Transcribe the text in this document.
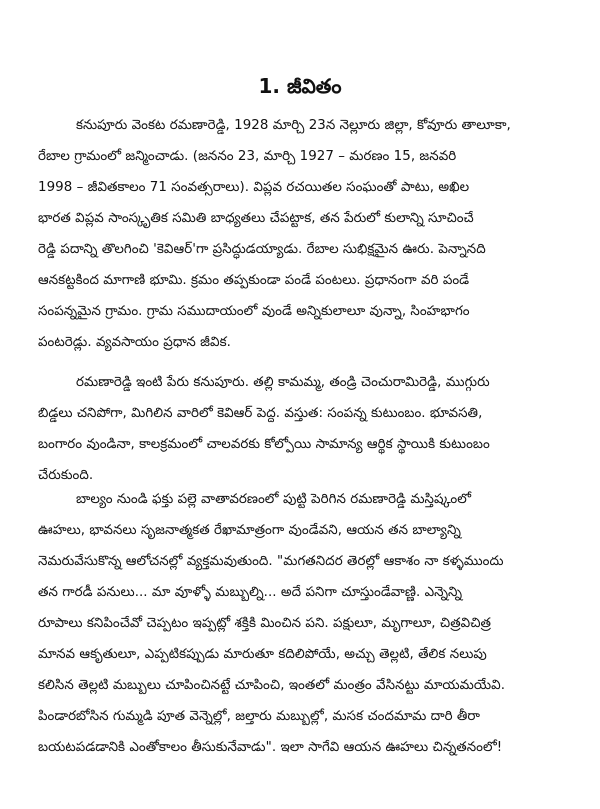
1. జీవితం
కనుపూరు వెంకట రమణారెడ్డి, 1928 మార్చి 23న నెల్లూరు జిల్లా, కోవూరు తాలూకా,
రేబాల గ్రామంలో జన్మించాడు. (జననం 23, మార్చి 1927 – మరణం 15, జనవరి
1998 – జీవితకాలం 71 సంవత్సరాలు). విప్లవ రచయితల సంఘంతో పాటు, అఖిల
భారత విప్లవ సాంస్కృతిక సమితి బాధ్యతలు చేపట్టాక, తన పేరులో కులాన్ని సూచించే
రెడ్డి పదాన్ని తొలగించి 'కెవిఆర్'గా ప్రసిద్ధుడయ్యాడు. రేబాల సుభిక్షమైన ఊరు. పెన్నానది
ఆనకట్టకింద మాగాణి భూమి. క్రమం తప్పకుండా పండే పంటలు. ప్రధానంగా వరి పండే
సంపన్నమైన గ్రామం. గ్రామ సముదాయంలో వుండే అన్నికులాలూ వున్నా, సింహభాగం
పంటరెడ్లు. వ్యవసాయం ప్రధాన జీవిక.
రమణారెడ్డి ఇంటి పేరు కనుపూరు. తల్లి కామమ్మ, తండ్రి చెంచురామిరెడ్డి, ముగ్గురు
బిడ్డలు చనిపోగా, మిగిలిన వారిలో కెవిఆర్ పెద్ద. వస్తుత: సంపన్న కుటుంబం. భూవసతి,
బంగారం వుండినా, కాలక్రమంలో చాలవరకు కోల్పోయి సామాన్య ఆర్థిక స్థాయికి కుటుంబం
చేరుకుంది.
బాల్యం నుండి ఫక్తు పల్లె వాతావరణంలో పుట్టి పెరిగిన రమణారెడ్డి మస్తిష్కంలో
ఊహలు, భావనలు సృజనాత్మకత రేఖామాత్రంగా వుండేవని, ఆయన తన బాల్యాన్ని
నెమరువేసుకొన్న ఆలోచనల్లో వ్యక్తమవుతుంది. "మగతనిదర తెరల్లో ఆకాశం నా కళ్ళముందు
తన గారడీ పనులు... మా వూళ్ళో మబ్బుల్ని... అదే పనిగా చూస్తుండేవాణ్ణి. ఎన్నెన్ని
రూపాలు కనిపించేవో చెప్పటం ఇప్పట్లో శక్తికి మించిన పని. పక్షులూ, మృగాలూ, చిత్రవిచిత్ర
మానవ ఆకృతులూ, ఎప్పటికప్పుడు మారుతూ కదిలిపోయే, అచ్చు తెల్లటి, తేలిక నలుపు
కలిసిన తెల్లటి మబ్బులు చూపించినట్టే చూపించి, ఇంతలో మంత్రం వేసినట్టు మాయమయేవి.
పిండారబోసిన గుమ్మడి పూత వెన్నెల్లో, జల్తారు మబ్బుల్లో, మసక చందమామ దారి తీరా
బయటపడడానికి ఎంతోకాలం తీసుకునేవాడు". ఇలా సాగేవి ఆయన ఊహలు చిన్నతనంలో!
